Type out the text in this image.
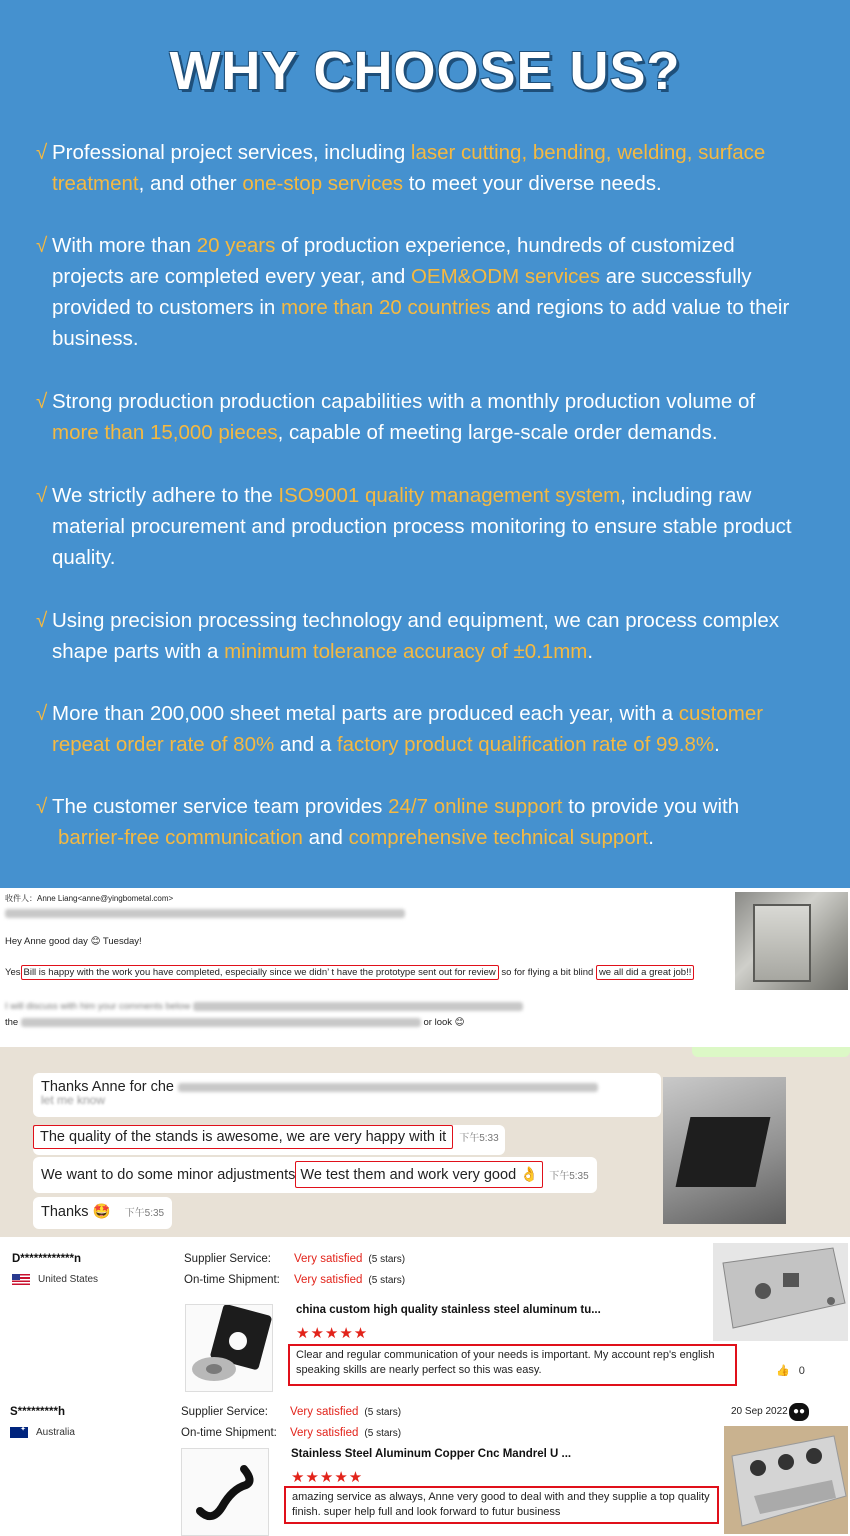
WHY CHOOSE US?
√ Professional project services, including laser cutting, bending, welding, surface
treatment, and other one-stop services to meet your diverse needs.
√ With more than 20 years of production experience, hundreds of customized
projects are completed every year, and OEM&ODM services are successfully
provided to customers in more than 20 countries and regions to add value to their
business.
√ Strong production production capabilities with a monthly production volume of
more than 15,000 pieces, capable of meeting large-scale order demands.
√ We strictly adhere to the ISO9001 quality management system, including raw
material procurement and production process monitoring to ensure stable product
quality.
√ Using precision processing technology and equipment, we can process complex
shape parts with a minimum tolerance accuracy of ±0.1mm.
√ More than 200,000 sheet metal parts are produced each year, with a customer
repeat order rate of 80% and a factory product qualification rate of 99.8%.
√ The customer service team provides 24/7 online support to provide you with
barrier-free communication and comprehensive technical support.
收件人：Anne Liang<anne@yingbometal.com>
Hey Anne good day 😊 Tuesday!
Yes Bill is happy with the work you have completed, especially since we didn’ t have the prototype sent out for review so for flying a bit blind we all did a great job!!
I will discuss with him your comments below
the	or look 😊
Thanks Anne for che
let me know
The quality of the stands is awesome, we are very happy with it 下午5:33
We want to do some minor adjustments We test them and work very good 👌 下午5:35
Thanks 🤩 下午5:35
D************n
United States
Supplier Service: Very satisfied (5 stars)
On-time Shipment: Very satisfied (5 stars)
china custom high quality stainless steel aluminum tu...
★★★★★
Clear and regular communication of your needs is important. My account rep's english speaking skills are nearly perfect so this was easy.	👍 0
S*********h
✦Australia
Supplier Service: Very satisfied (5 stars)
On-time Shipment: Very satisfied (5 stars)
20 Sep 2022 ●●
Stainless Steel Aluminum Copper Cnc Mandrel U ...
★★★★★
amazing service as always, Anne very good to deal with and they supplie a top quality finish. super help full and look forward to futur business
